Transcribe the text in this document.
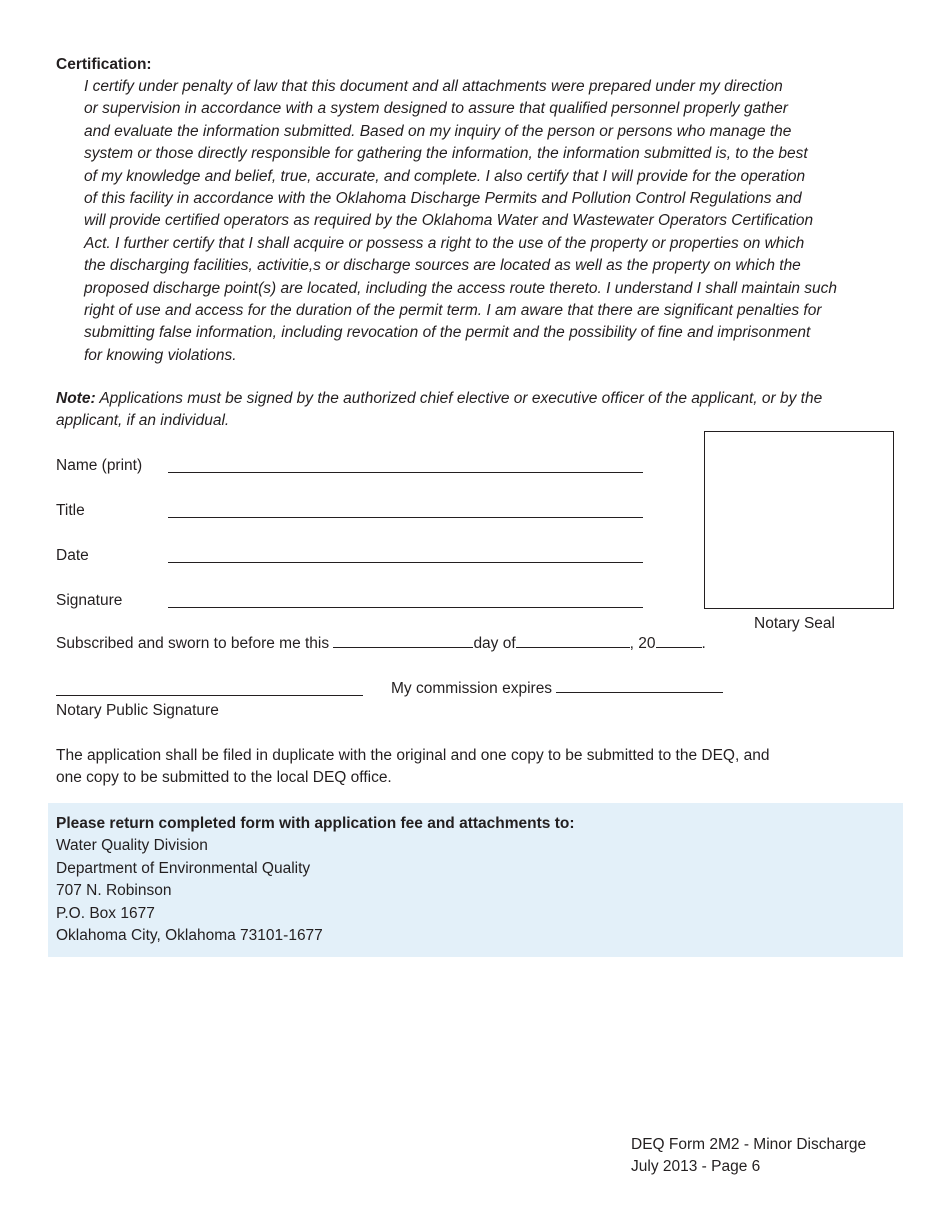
Certification:
I certify under penalty of law that this document and all attachments were prepared under my direction
or supervision in accordance with a system designed to assure that qualified personnel properly gather
and evaluate the information submitted. Based on my inquiry of the person or persons who manage the
system or those directly responsible for gathering the information, the information submitted is, to the best
of my knowledge and belief, true, accurate, and complete. I also certify that I will provide for the operation
of this facility in accordance with the Oklahoma Discharge Permits and Pollution Control Regulations and
will provide certified operators as required by the Oklahoma Water and Wastewater Operators Certification
Act. I further certify that I shall acquire or possess a right to the use of the property or properties on which
the discharging facilities, activitie,s or discharge sources are located as well as the property on which the
proposed discharge point(s) are located, including the access route thereto. I understand I shall maintain such
right of use and access for the duration of the permit term. I am aware that there are significant penalties for
submitting false information, including revocation of the permit and the possibility of fine and imprisonment
for knowing violations.
Note: Applications must be signed by the authorized chief elective or executive officer of the applicant, or by the
applicant, if an individual.
Notary Seal
Name (print)
Title
Date
Signature
Subscribed and sworn to before me this	day of	, 20	.
My commission expires
Notary Public Signature
The application shall be filed in duplicate with the original and one copy to be submitted to the DEQ, and
one copy to be submitted to the local DEQ office.
Please return completed form with application fee and attachments to:
Water Quality Division
Department of Environmental Quality
707 N. Robinson
P.O. Box 1677
Oklahoma City, Oklahoma 73101-1677
DEQ Form 2M2 - Minor Discharge
July 2013 - Page 6
